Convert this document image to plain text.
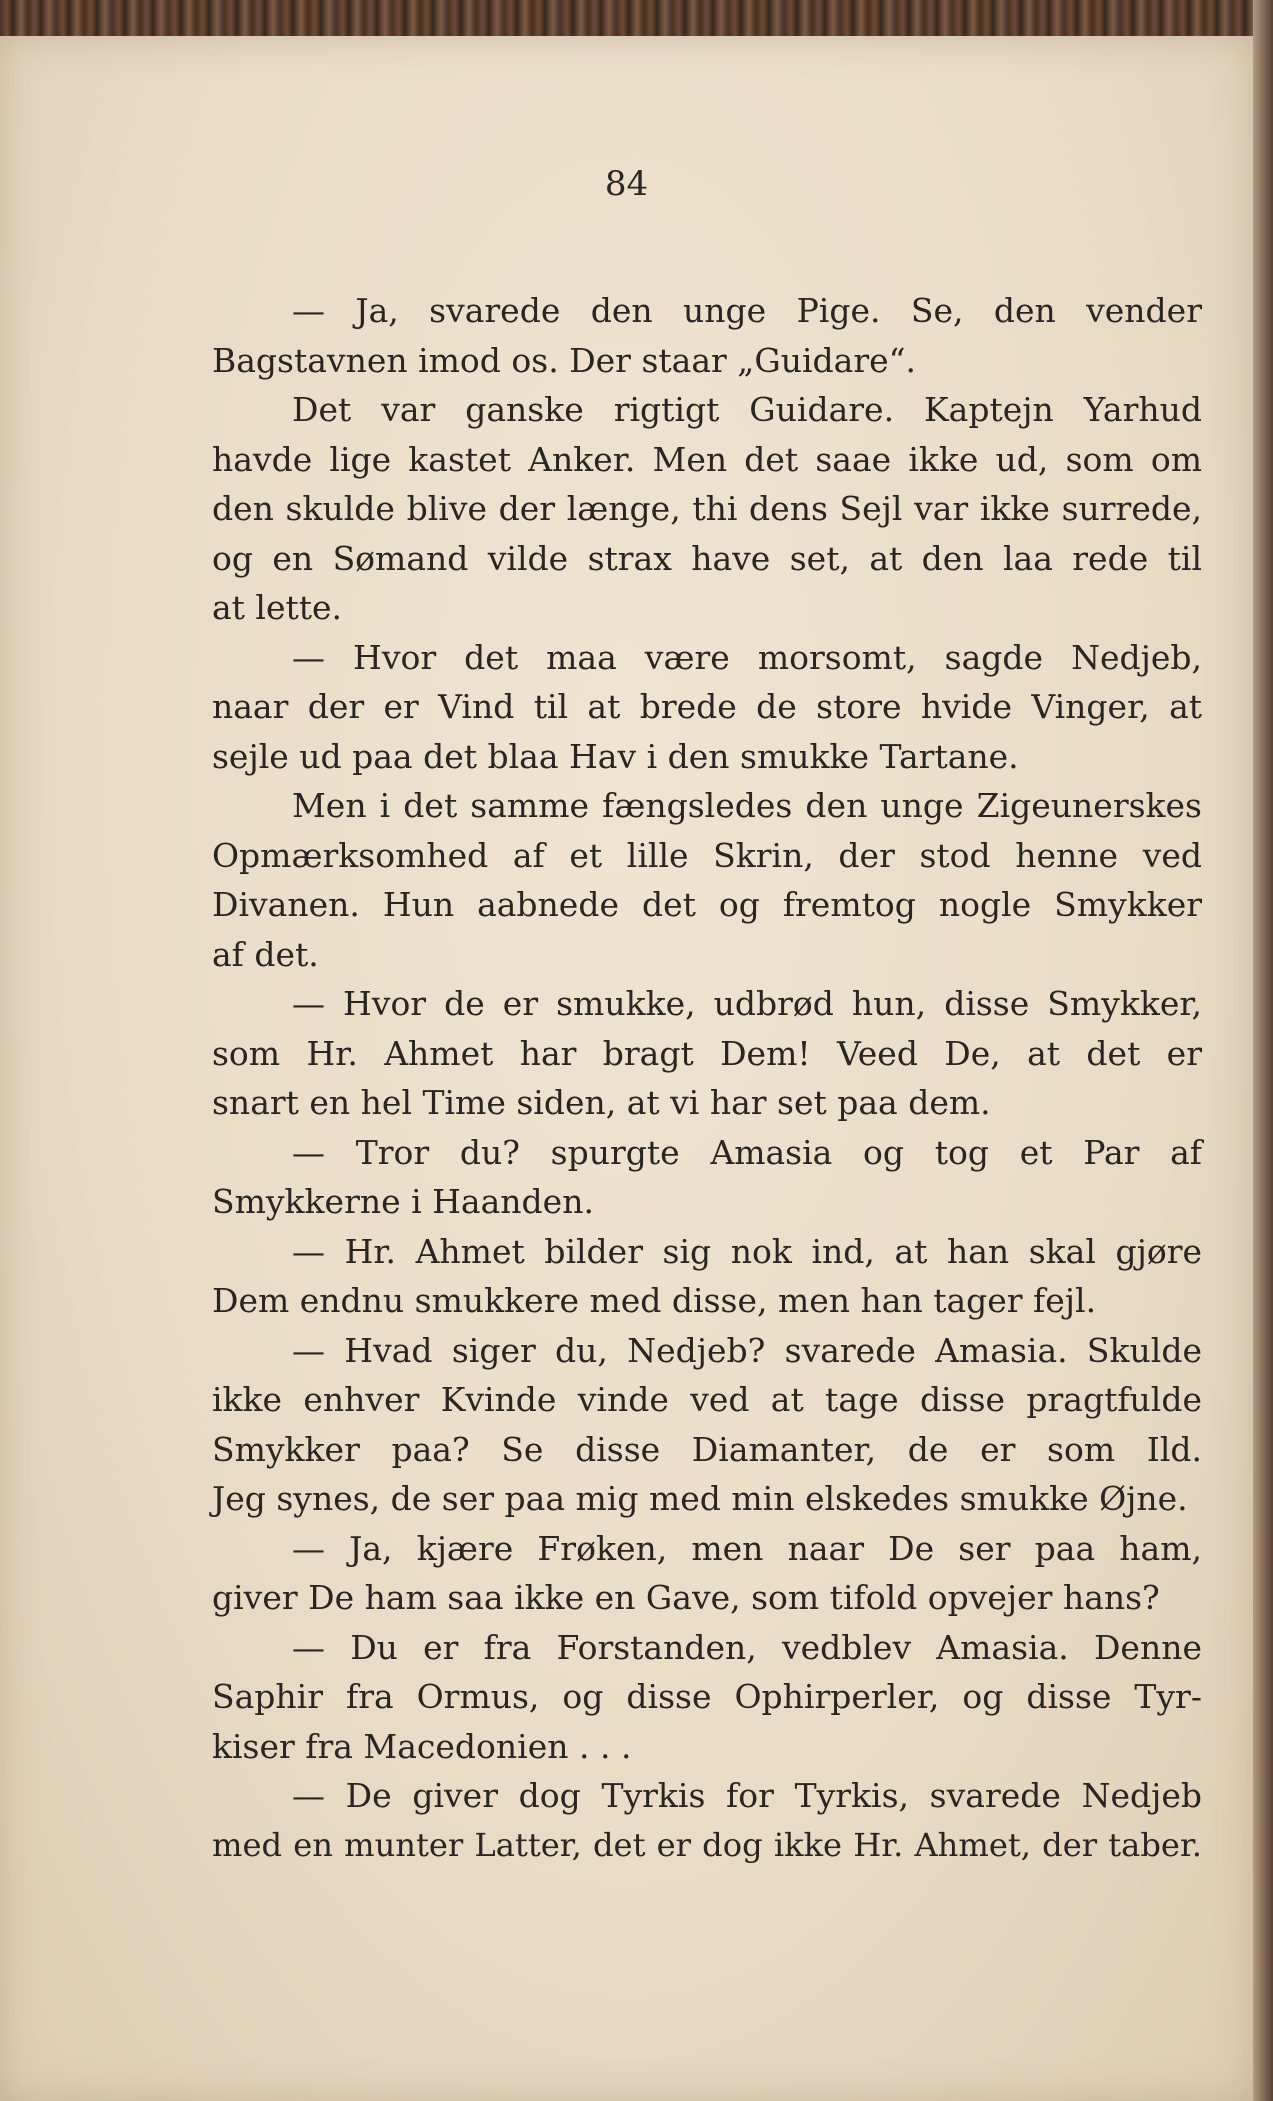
84
— Ja, svarede den unge Pige. Se, den vender
Bagstavnen imod os. Der staar „Guidare“.
Det var ganske rigtigt Guidare. Kaptejn Yarhud
havde lige kastet Anker. Men det saae ikke ud, som om
den skulde blive der længe, thi dens Sejl var ikke surrede,
og en Sømand vilde strax have set, at den laa rede til
at lette.
— Hvor det maa være morsomt, sagde Nedjeb,
naar der er Vind til at brede de store hvide Vinger, at
sejle ud paa det blaa Hav i den smukke Tartane.
Men i det samme fængsledes den unge Zigeunerskes
Opmærksomhed af et lille Skrin, der stod henne ved
Divanen. Hun aabnede det og fremtog nogle Smykker
af det.
— Hvor de er smukke, udbrød hun, disse Smykker,
som Hr. Ahmet har bragt Dem! Veed De, at det er
snart en hel Time siden, at vi har set paa dem.
— Tror du? spurgte Amasia og tog et Par af
Smykkerne i Haanden.
— Hr. Ahmet bilder sig nok ind, at han skal gjøre
Dem endnu smukkere med disse, men han tager fejl.
— Hvad siger du, Nedjeb? svarede Amasia. Skulde
ikke enhver Kvinde vinde ved at tage disse pragtfulde
Smykker paa? Se disse Diamanter, de er som Ild.
Jeg synes, de ser paa mig med min elskedes smukke Øjne.
— Ja, kjære Frøken, men naar De ser paa ham,
giver De ham saa ikke en Gave, som tifold opvejer hans?
— Du er fra Forstanden, vedblev Amasia. Denne
Saphir fra Ormus, og disse Ophirperler, og disse Tyr-
kiser fra Macedonien . . .
— De giver dog Tyrkis for Tyrkis, svarede Nedjeb
med en munter Latter, det er dog ikke Hr. Ahmet, der taber.
